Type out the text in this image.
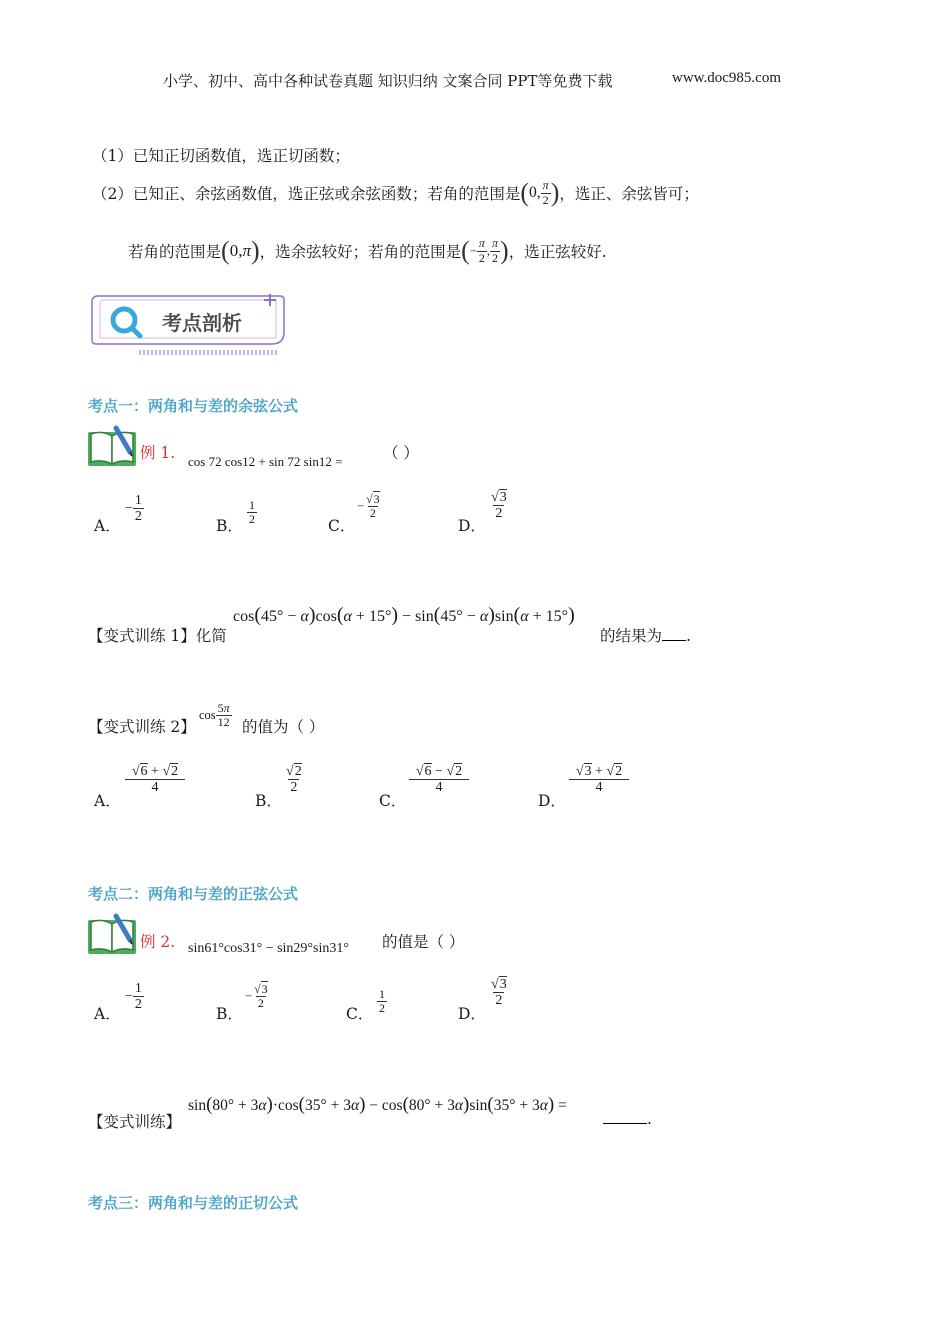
小学、初中、高中各种试卷真题 知识归纳 文案合同 PPT等免费下载	www.doc985.com
（1）已知正切函数值，选正切函数；
（2）已知正、余弦函数值，选正弦或余弦函数；若角的范围是 ( 0, $\frac{\pi}{2}$ ) ，选正、余弦皆可；
若角的范围是 ( 0, π ) ，选余弦较好；若角的范围是 ( − $\frac{\pi}{2}$ , $\frac{\pi}{2}$ ) ，选正弦较好.
考点剖析
考点一：两角和与差的余弦公式
例 1. cos 72 cos12 + sin 72 sin12 =	（ ）
A．
− $\frac{1}{2}$
B． $\frac{1}{2}$	C．
− $\frac{√3}{2}$
D．
$\frac{√3}{2}$
【变式训练 1】化简
cos(45° − α)cos(α + 15°) − sin(45° − α)sin(α + 15°)
的结果为 .
【变式训练 2】
$\cos \frac{5\pi}{12}$ 的值为（ ）
A．
$\frac{√6 + √2}{4}$
B．
$\frac{√2}{2}$
C．
$\frac{√6 - √2}{4}$
D．
$\frac{√3 + √2}{4}$
考点二：两角和与差的正弦公式
例 2. sin61°cos31° − sin29°sin31° 的值是（ ）
A．
− $\frac{1}{2}$
B．
− $\frac{√3}{2}$
C． $\frac{1}{2}$	D．
$\frac{√3}{2}$
【变式训练】
sin(80° + 3α)·cos(35° + 3α) − cos(80° + 3α)sin(35° + 3α) =
.
考点三：两角和与差的正切公式
